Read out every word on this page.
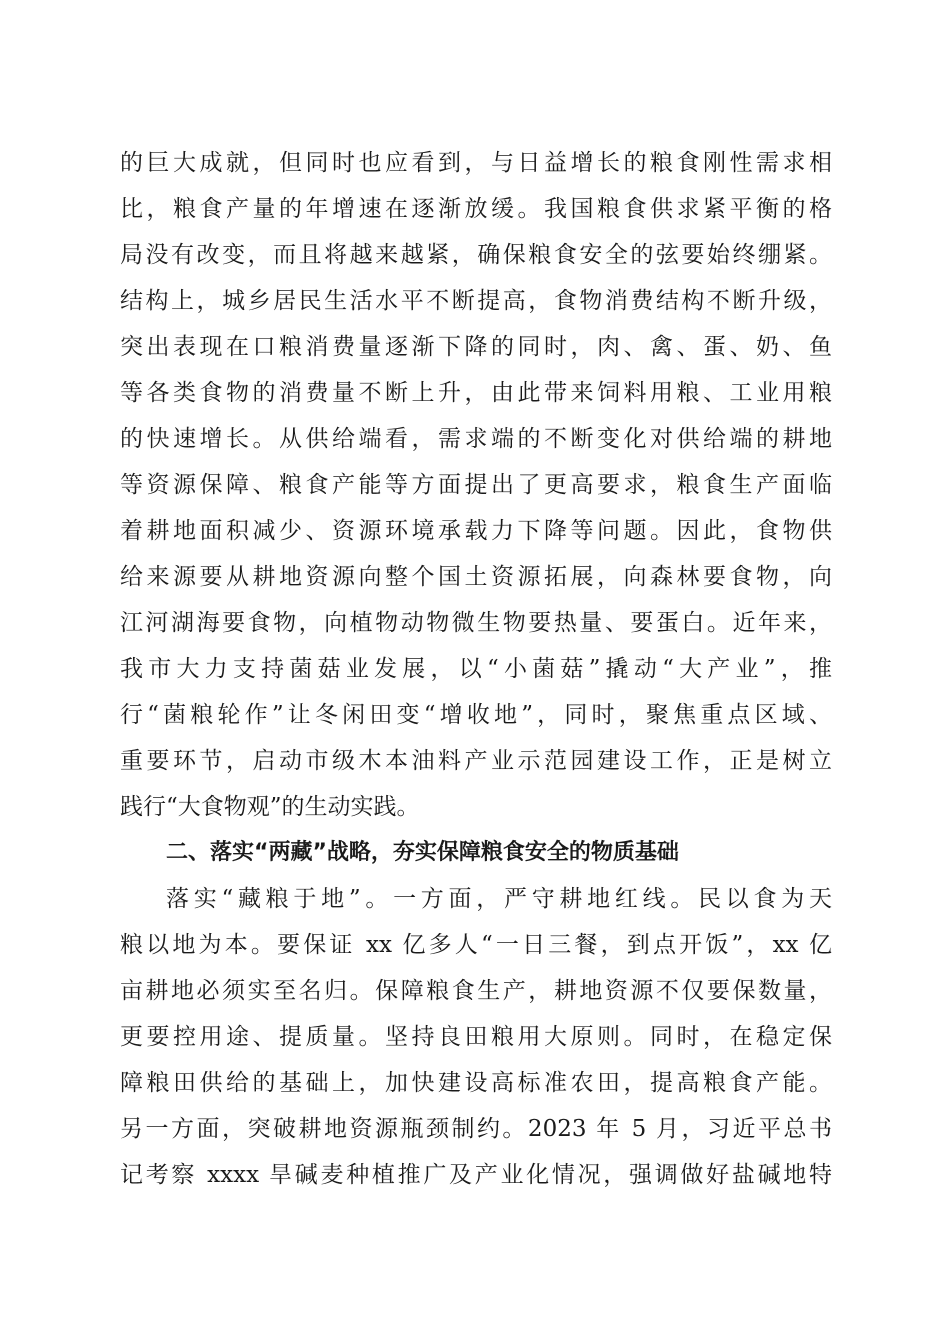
的巨大成就，但同时也应看到，与日益增长的粮食刚性需求相
比，粮食产量的年增速在逐渐放缓。我国粮食供求紧平衡的格
局没有改变，而且将越来越紧，确保粮食安全的弦要始终绷紧。
结构上，城乡居民生活水平不断提高，食物消费结构不断升级，
突出表现在口粮消费量逐渐下降的同时，肉、禽、蛋、奶、鱼
等各类食物的消费量不断上升，由此带来饲料用粮、工业用粮
的快速增长。从供给端看，需求端的不断变化对供给端的耕地
等资源保障、粮食产能等方面提出了更高要求，粮食生产面临
着耕地面积减少、资源环境承载力下降等问题。因此，食物供
给来源要从耕地资源向整个国土资源拓展，向森林要食物，向
江河湖海要食物，向植物动物微生物要热量、要蛋白。近年来，
我市大力支持菌菇业发展，以“小菌菇”撬动“大产业”，推
行“菌粮轮作”让冬闲田变“增收地”，同时，聚焦重点区域、
重要环节，启动市级木本油料产业示范园建设工作，正是树立
践行“大食物观”的生动实践。
二、落实“两藏”战略，夯实保障粮食安全的物质基础
落实“藏粮于地”。一方面，严守耕地红线。民以食为天
粮以地为本。要保证 xx 亿多人“一日三餐，到点开饭”，xx 亿
亩耕地必须实至名归。保障粮食生产，耕地资源不仅要保数量，
更要控用途、提质量。坚持良田粮用大原则。同时，在稳定保
障粮田供给的基础上，加快建设高标准农田，提高粮食产能。
另一方面，突破耕地资源瓶颈制约。2023 年 5 月，习近平总书
记考察 xxxx 旱碱麦种植推广及产业化情况，强调做好盐碱地特
